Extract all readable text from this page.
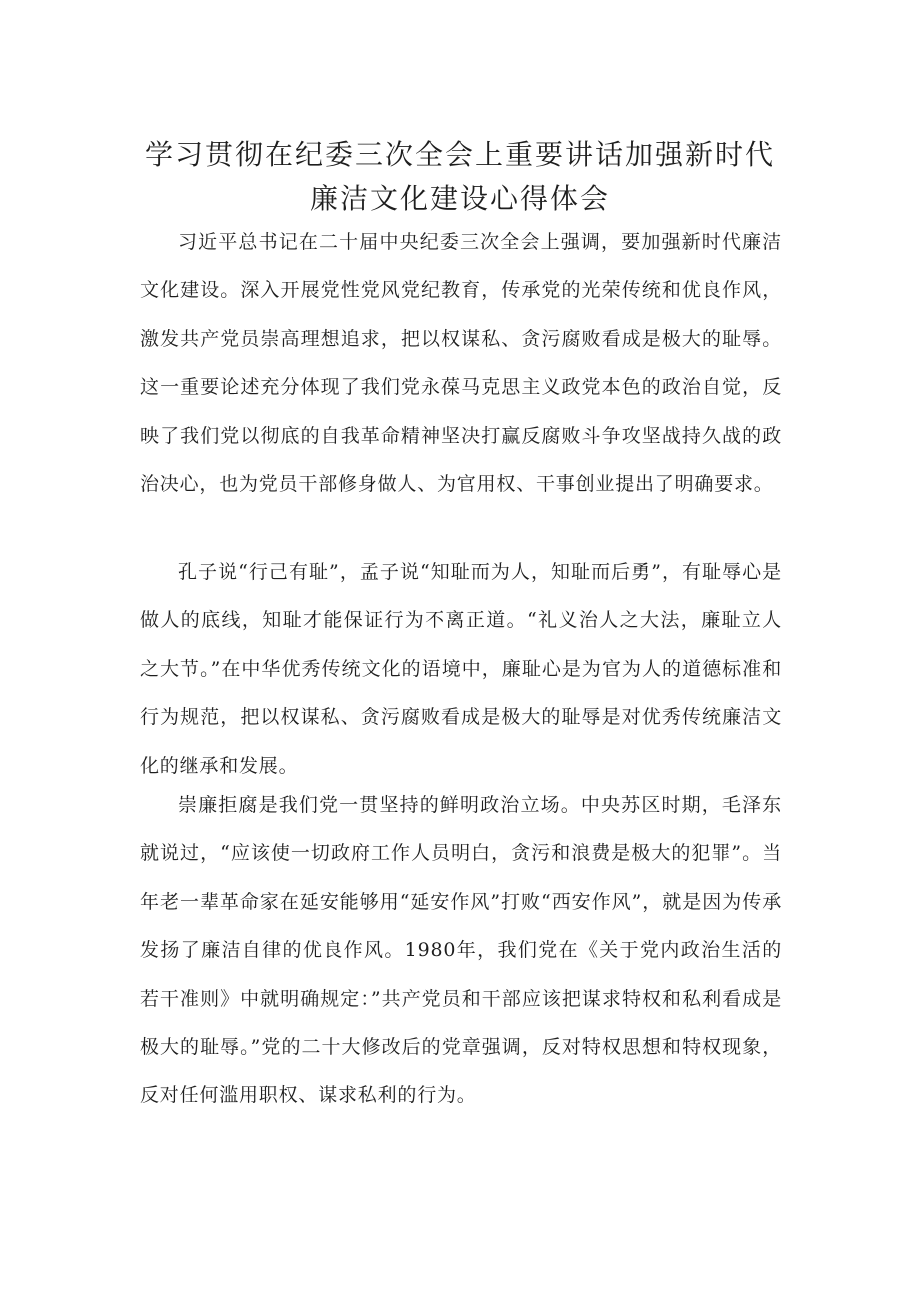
学习贯彻在纪委三次全会上重要讲话加强新时代廉洁文化建设心得体会

习近平总书记在二十届中央纪委三次全会上强调，要加强新时代廉洁文化建设。深入开展党性党风党纪教育，传承党的光荣传统和优良作风，激发共产党员崇高理想追求，把以权谋私、贪污腐败看成是极大的耻辱。这一重要论述充分体现了我们党永葆马克思主义政党本色的政治自觉，反映了我们党以彻底的自我革命精神坚决打赢反腐败斗争攻坚战持久战的政治决心，也为党员干部修身做人、为官用权、干事创业提出了明确要求。

孔子说“行己有耻”，孟子说“知耻而为人，知耻而后勇”，有耻辱心是做人的底线，知耻才能保证行为不离正道。“礼义治人之大法，廉耻立人之大节。”在中华优秀传统文化的语境中，廉耻心是为官为人的道德标准和行为规范，把以权谋私、贪污腐败看成是极大的耻辱是对优秀传统廉洁文化的继承和发展。

崇廉拒腐是我们党一贯坚持的鲜明政治立场。中央苏区时期，毛泽东就说过，“应该使一切政府工作人员明白，贪污和浪费是极大的犯罪”。当年老一辈革命家在延安能够用“延安作风”打败“西安作风”，就是因为传承发扬了廉洁自律的优良作风。1980年，我们党在《关于党内政治生活的若干准则》中就明确规定：”共产党员和干部应该把谋求特权和私利看成是极大的耻辱。”党的二十大修改后的党章强调，反对特权思想和特权现象，反对任何滥用职权、谋求私利的行为。
